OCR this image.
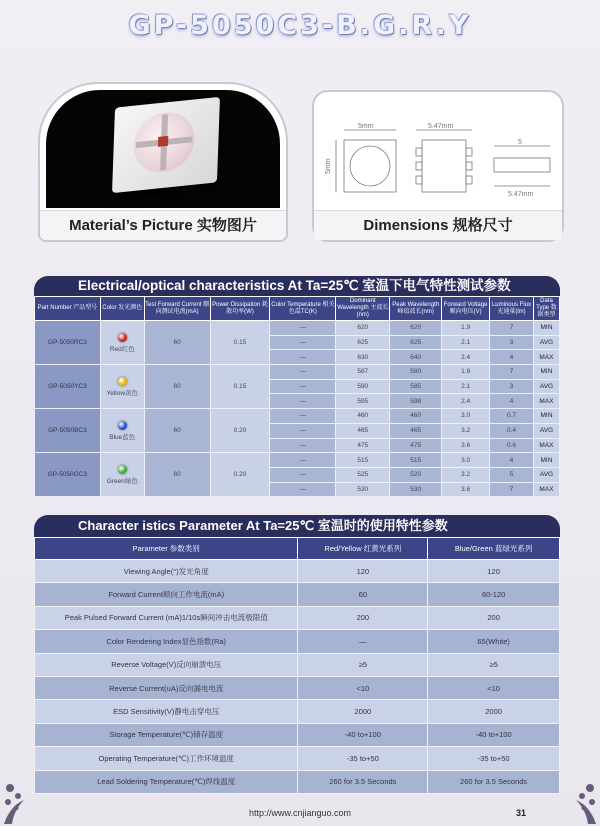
GP-5050C3-B.G.R.Y
Material’s Picture 实物图片
5mm	5.47mm
5mm
5
5.47mm
Dimensions 规格尺寸
Electrical/optical characteristics At Ta=25℃ 室温下电气特性测试参数
Part Number 产品型号	Color 发光颜色	Test Forward Current 顺向测试电流(mA)	Power Dissipation 耗散功率(W)	Color Temperature 相关色温TC(K)	Dominant Wavelength 主波长(nm)	Peak Wavelength 峰值波长(nm)	Forward Voltage 顺向电压(V)	Luminous Flux 光通量(lm)	Data Type 数据类型
GP-5050RC3	Red红色	60	0.15	—	620	620	1.9	7	MIN
				—	625	625	2.1	3	AVG
				—	630	640	2.4	4	MAX
GP-5050YC3	Yellow黄色	60	0.15	—	587	580	1.9	7	MIN
				—	590	585	2.1	3	AVG
				—	595	598	2.4	4	MAX
GP-5050BC3	Blue蓝色	60	0.20	—	460	460	3.0	0.7	MIN
				—	465	465	3.2	0.4	AVG
				—	475	475	3.6	0.6	MAX
GP-5050GC3	Green绿色	60	0.20	—	515	515	3.0	4	MIN
				—	525	520	3.2	5	AVG
				—	530	530	3.6	7	MAX
Character istics Parameter At Ta=25℃ 室温时的使用特性参数
Parameter 参数类别	Red/Yellow 红黄光系列	Blue/Green 蓝绿光系列
Viewing Angle(°)发光角度	120	120
Forward Current顺向工作电流(mA)	60	60-120
Peak Pulsed Forward Current (mA)1/10s瞬间冲击电流极限值	200	200
Color Rendering Index显色指数(Ra)	—	65(White)
Reverse Voltage(V)反向崩溃电压	≥5	≥5
Reverse Current(uA)反向漏电电流	<10	<10
ESD Sensitivity(V)静电击穿电压	2000	2000
Storage Temperature(℃)储存温度	-40 to+100	-40 to+100
Operating Temperature(℃)工作环境温度	-35 to+50	-35 to+50
Lead Soldering Temperature(℃)焊线温度	260 for 3.5 Seconds	260 for 3.5 Seconds
http://www.cnjianguo.com	31
